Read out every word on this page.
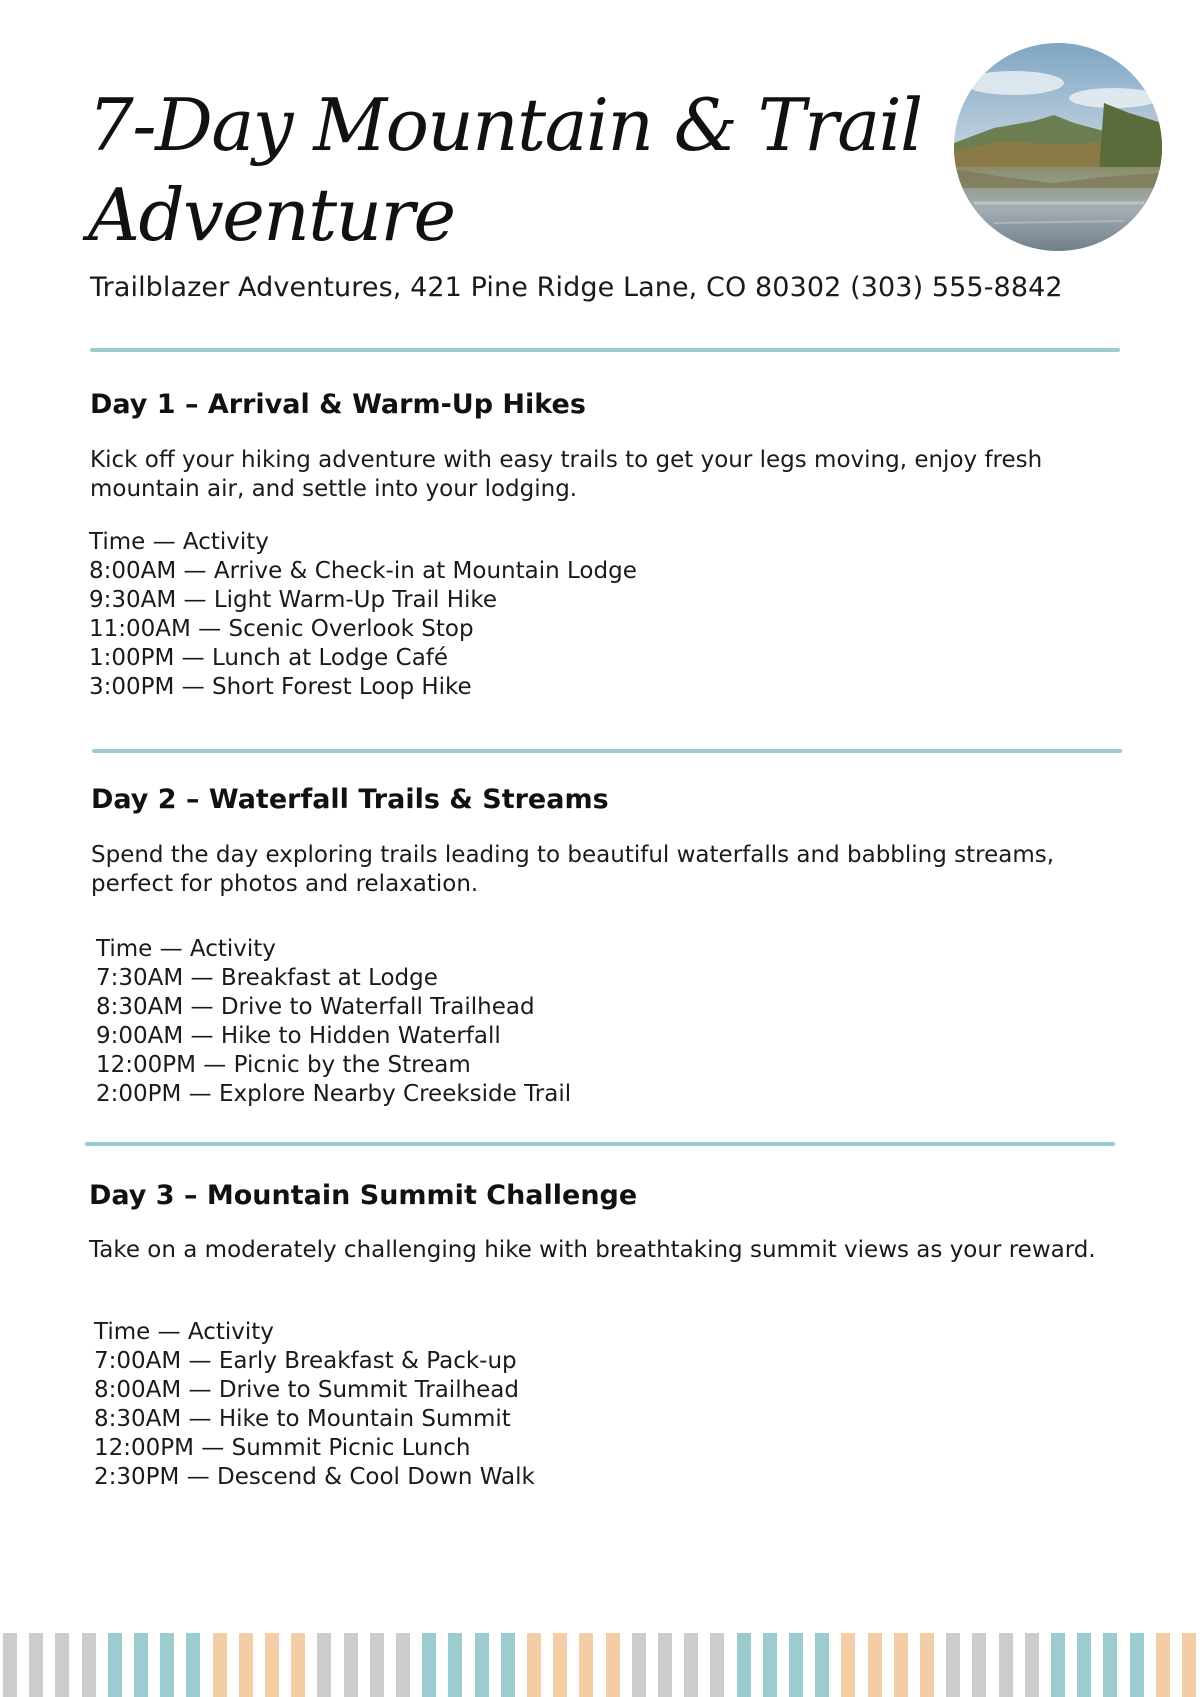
7-Day Mountain & Trail Adventure

Trailblazer Adventures, 421 Pine Ridge Lane, CO 80302 (303) 555-8842

Day 1 – Arrival & Warm-Up Hikes

Kick off your hiking adventure with easy trails to get your legs moving, enjoy fresh mountain air, and settle into your lodging.

Time — Activity
8:00AM — Arrive & Check-in at Mountain Lodge
9:30AM — Light Warm-Up Trail Hike
11:00AM — Scenic Overlook Stop
1:00PM — Lunch at Lodge Café
3:00PM — Short Forest Loop Hike
Day 2 – Waterfall Trails & Streams

Spend the day exploring trails leading to beautiful waterfalls and babbling streams, perfect for photos and relaxation.

Time — Activity
7:30AM — Breakfast at Lodge
8:30AM — Drive to Waterfall Trailhead
9:00AM — Hike to Hidden Waterfall
12:00PM — Picnic by the Stream
2:00PM — Explore Nearby Creekside Trail
Day 3 – Mountain Summit Challenge

Take on a moderately challenging hike with breathtaking summit views as your reward.

Time — Activity
7:00AM — Early Breakfast & Pack-up
8:00AM — Drive to Summit Trailhead
8:30AM — Hike to Mountain Summit
12:00PM — Summit Picnic Lunch
2:30PM — Descend & Cool Down Walk
